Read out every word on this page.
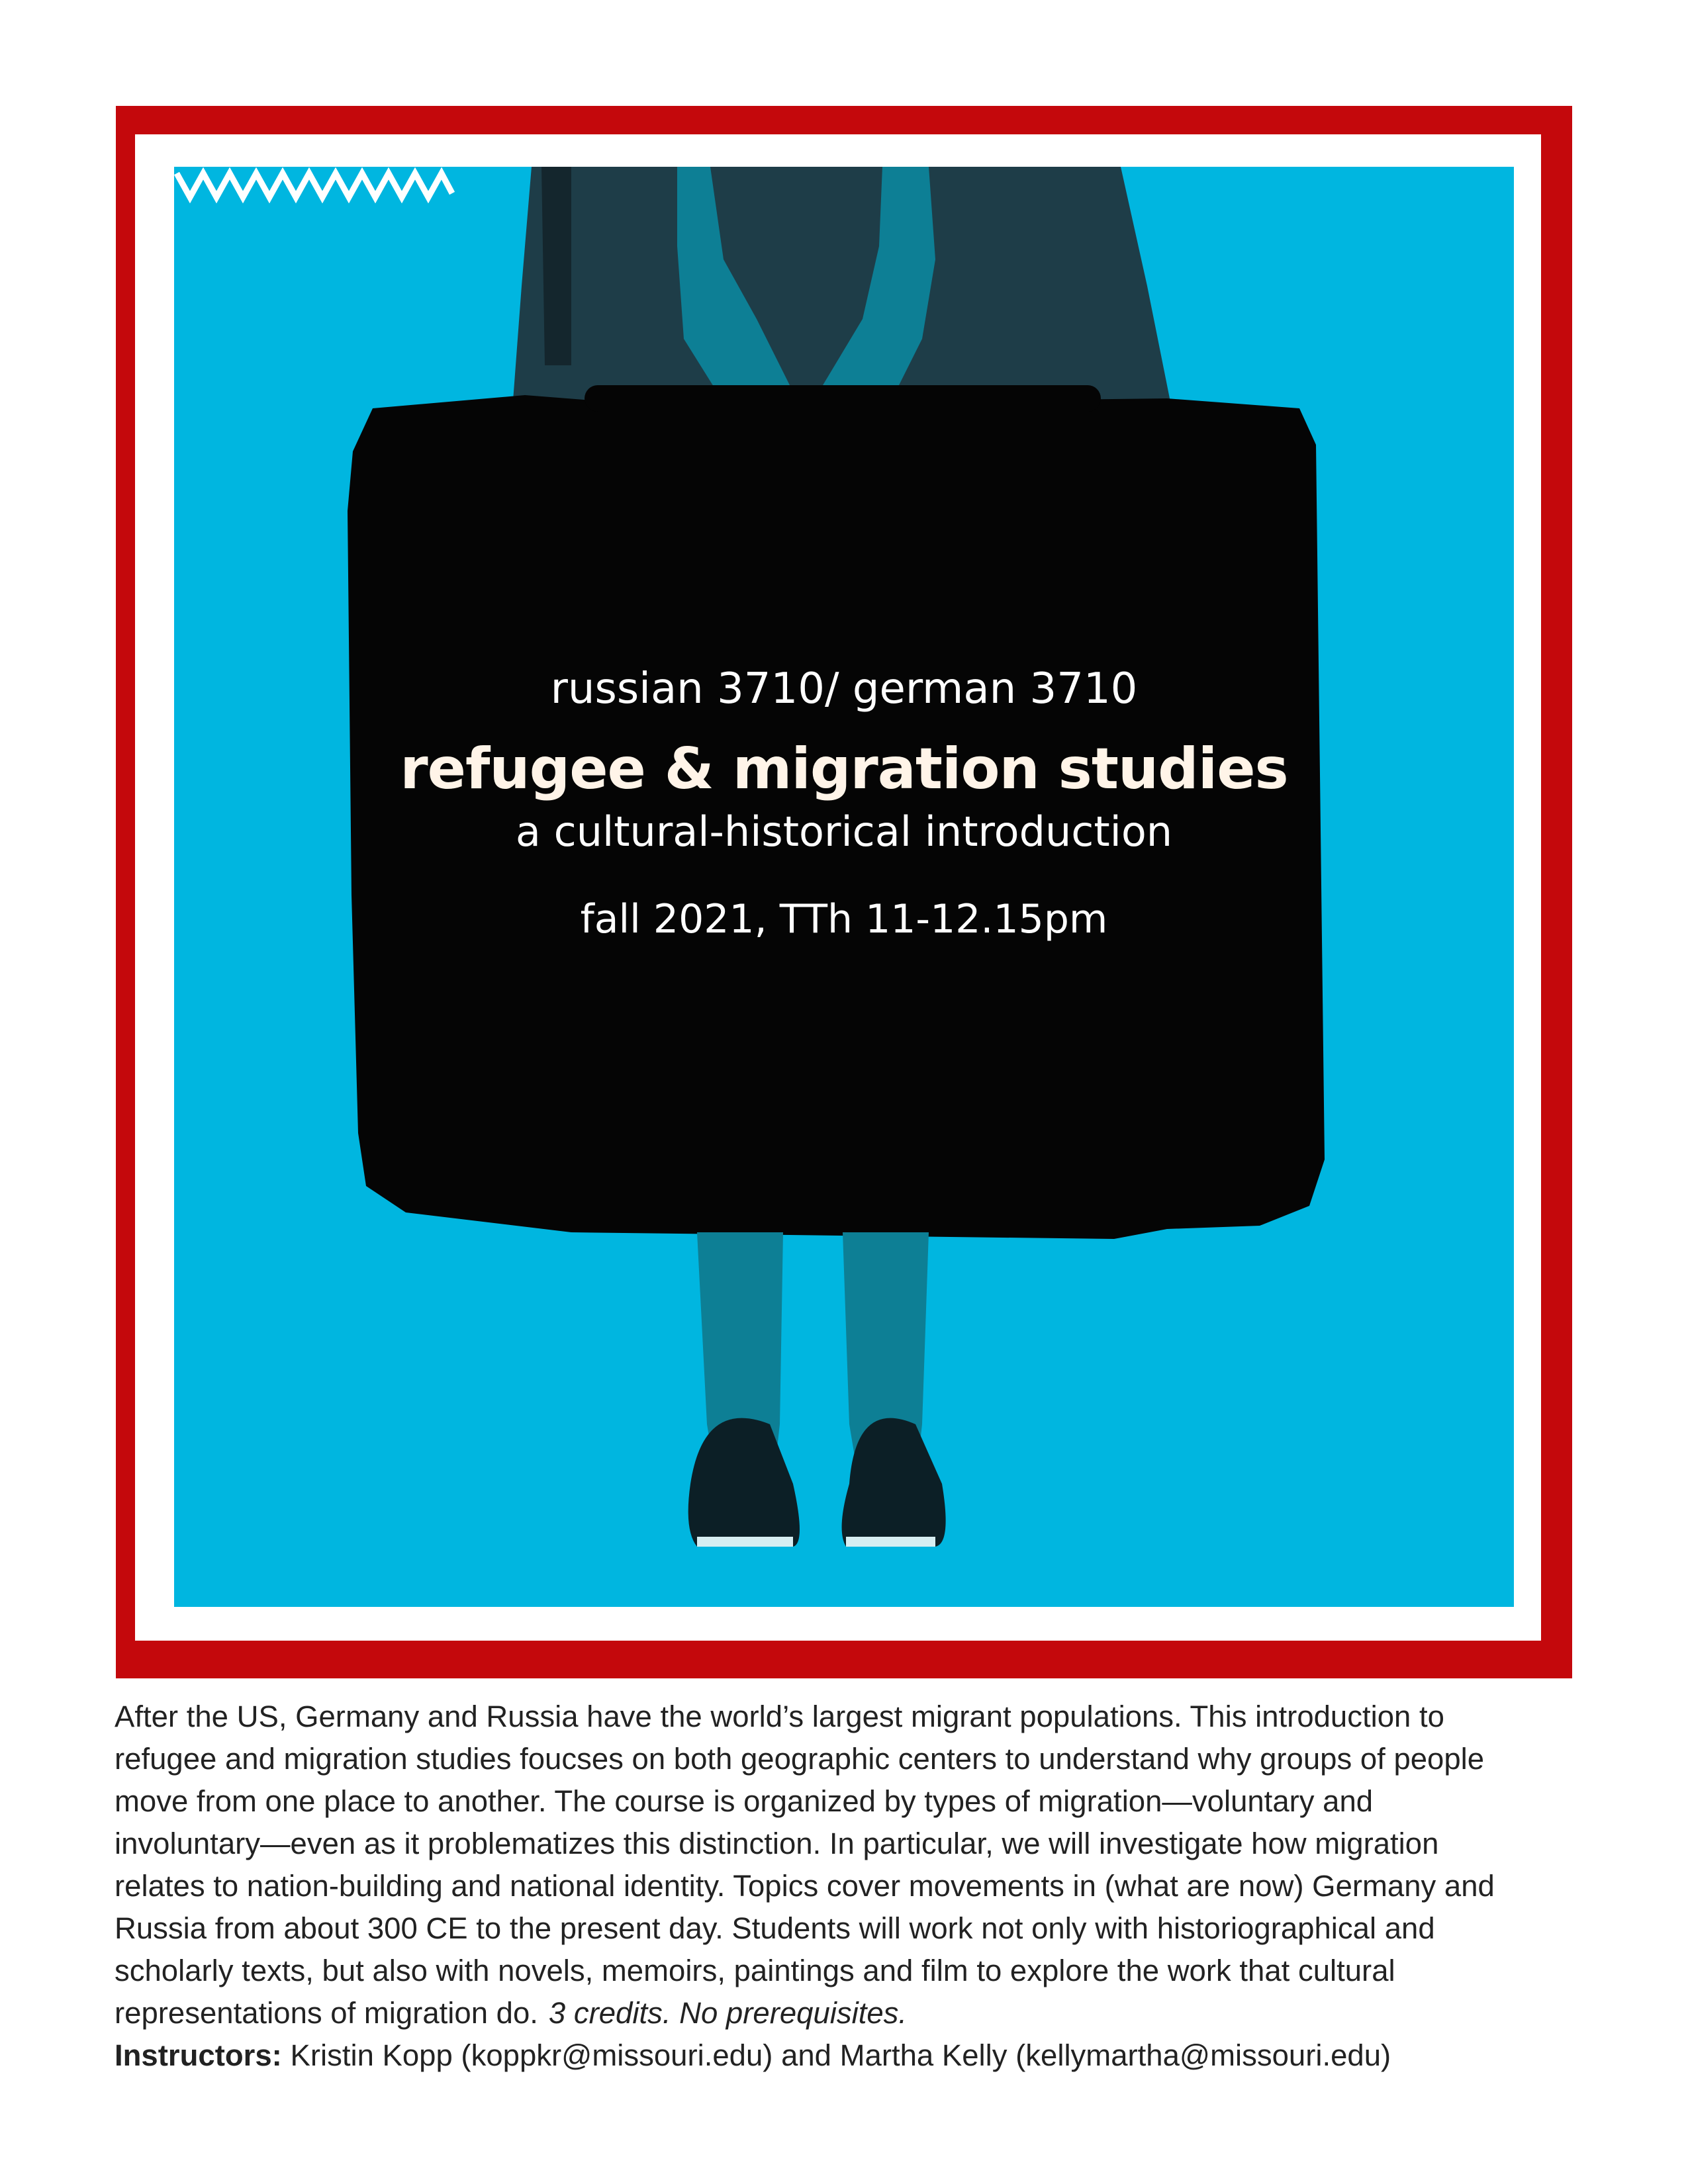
russian 3710/ german 3710
refugee & migration studies
a cultural-historical introduction
fall 2021, TTh 11-12.15pm
After the US, Germany and Russia have the world’s largest migrant populations. This introduction to
refugee and migration studies foucses on both geographic centers to understand why groups of people
move from one place to another. The course is organized by types of migration—voluntary and
involuntary—even as it problematizes this distinction. In particular, we will investigate how migration
relates to nation-building and national identity. Topics cover movements in (what are now) Germany and
Russia from about 300 CE to the present day. Students will work not only with historiographical and
scholarly texts, but also with novels, memoirs, paintings and film to explore the work that cultural
representations of migration do. 3 credits. No prerequisites.
Instructors: Kristin Kopp (koppkr@missouri.edu) and Martha Kelly (kellymartha@missouri.edu)
